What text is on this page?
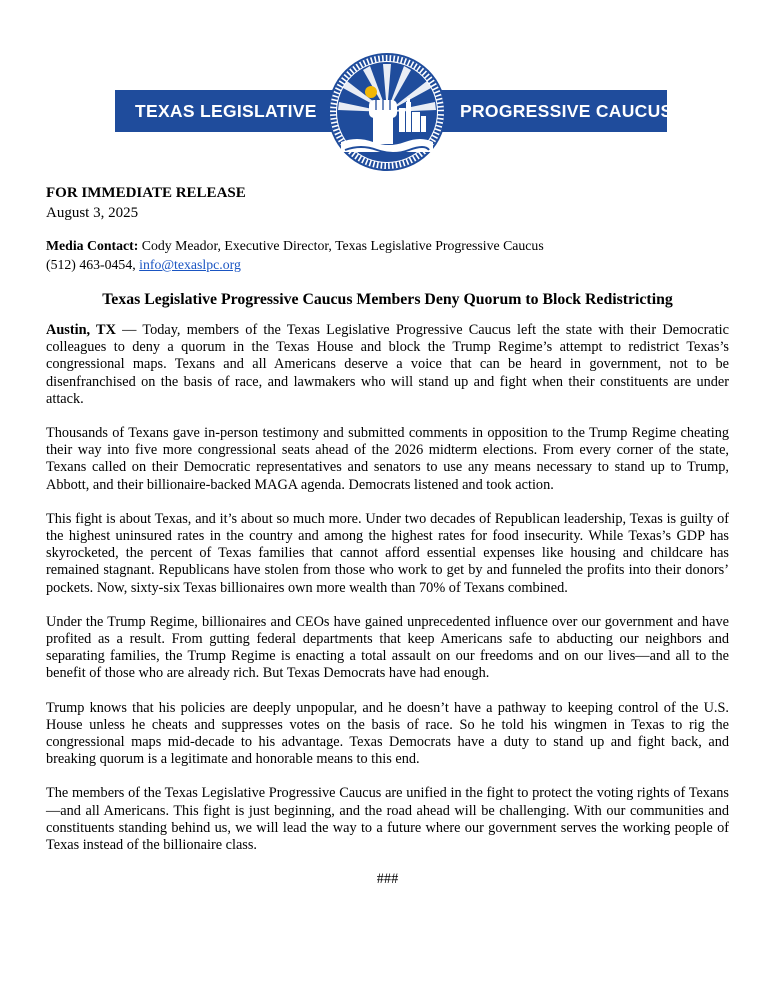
TEXAS LEGISLATIVE	PROGRESSIVE CAUCUS
FOR IMMEDIATE RELEASE
August 3, 2025
Media Contact: Cody Meador, Executive Director, Texas Legislative Progressive Caucus
(512) 463-0454, info@texaslpc.org
Texas Legislative Progressive Caucus Members Deny Quorum to Block Redistricting

Austin, TX — Today, members of the Texas Legislative Progressive Caucus left the state with their Democratic colleagues to deny a quorum in the Texas House and block the Trump Regime’s attempt to redistrict Texas’s congressional maps. Texans and all Americans deserve a voice that can be heard in government, not to be disenfranchised on the basis of race, and lawmakers who will stand up and fight when their constituents are under attack.

Thousands of Texans gave in-person testimony and submitted comments in opposition to the Trump Regime cheating their way into five more congressional seats ahead of the 2026 midterm elections. From every corner of the state, Texans called on their Democratic representatives and senators to use any means necessary to stand up to Trump, Abbott, and their billionaire-backed MAGA agenda. Democrats listened and took action.

This fight is about Texas, and it’s about so much more. Under two decades of Republican leadership, Texas is guilty of the highest uninsured rates in the country and among the highest rates for food insecurity. While Texas’s GDP has skyrocketed, the percent of Texas families that cannot afford essential expenses like housing and childcare has remained stagnant. Republicans have stolen from those who work to get by and funneled the profits into their donors’ pockets. Now, sixty-six Texas billionaires own more wealth than 70% of Texans combined.

Under the Trump Regime, billionaires and CEOs have gained unprecedented influence over our government and have profited as a result. From gutting federal departments that keep Americans safe to abducting our neighbors and separating families, the Trump Regime is enacting a total assault on our freedoms and on our lives—and all to the benefit of those who are already rich. But Texas Democrats have had enough.

Trump knows that his policies are deeply unpopular, and he doesn’t have a pathway to keeping control of the U.S. House unless he cheats and suppresses votes on the basis of race. So he told his wingmen in Texas to rig the congressional maps mid-decade to his advantage. Texas Democrats have a duty to stand up and fight back, and breaking quorum is a legitimate and honorable means to this end.

The members of the Texas Legislative Progressive Caucus are unified in the fight to protect the voting rights of Texans—and all Americans. This fight is just beginning, and the road ahead will be challenging. With our communities and constituents standing behind us, we will lead the way to a future where our government serves the working people of Texas instead of the billionaire class.

###
